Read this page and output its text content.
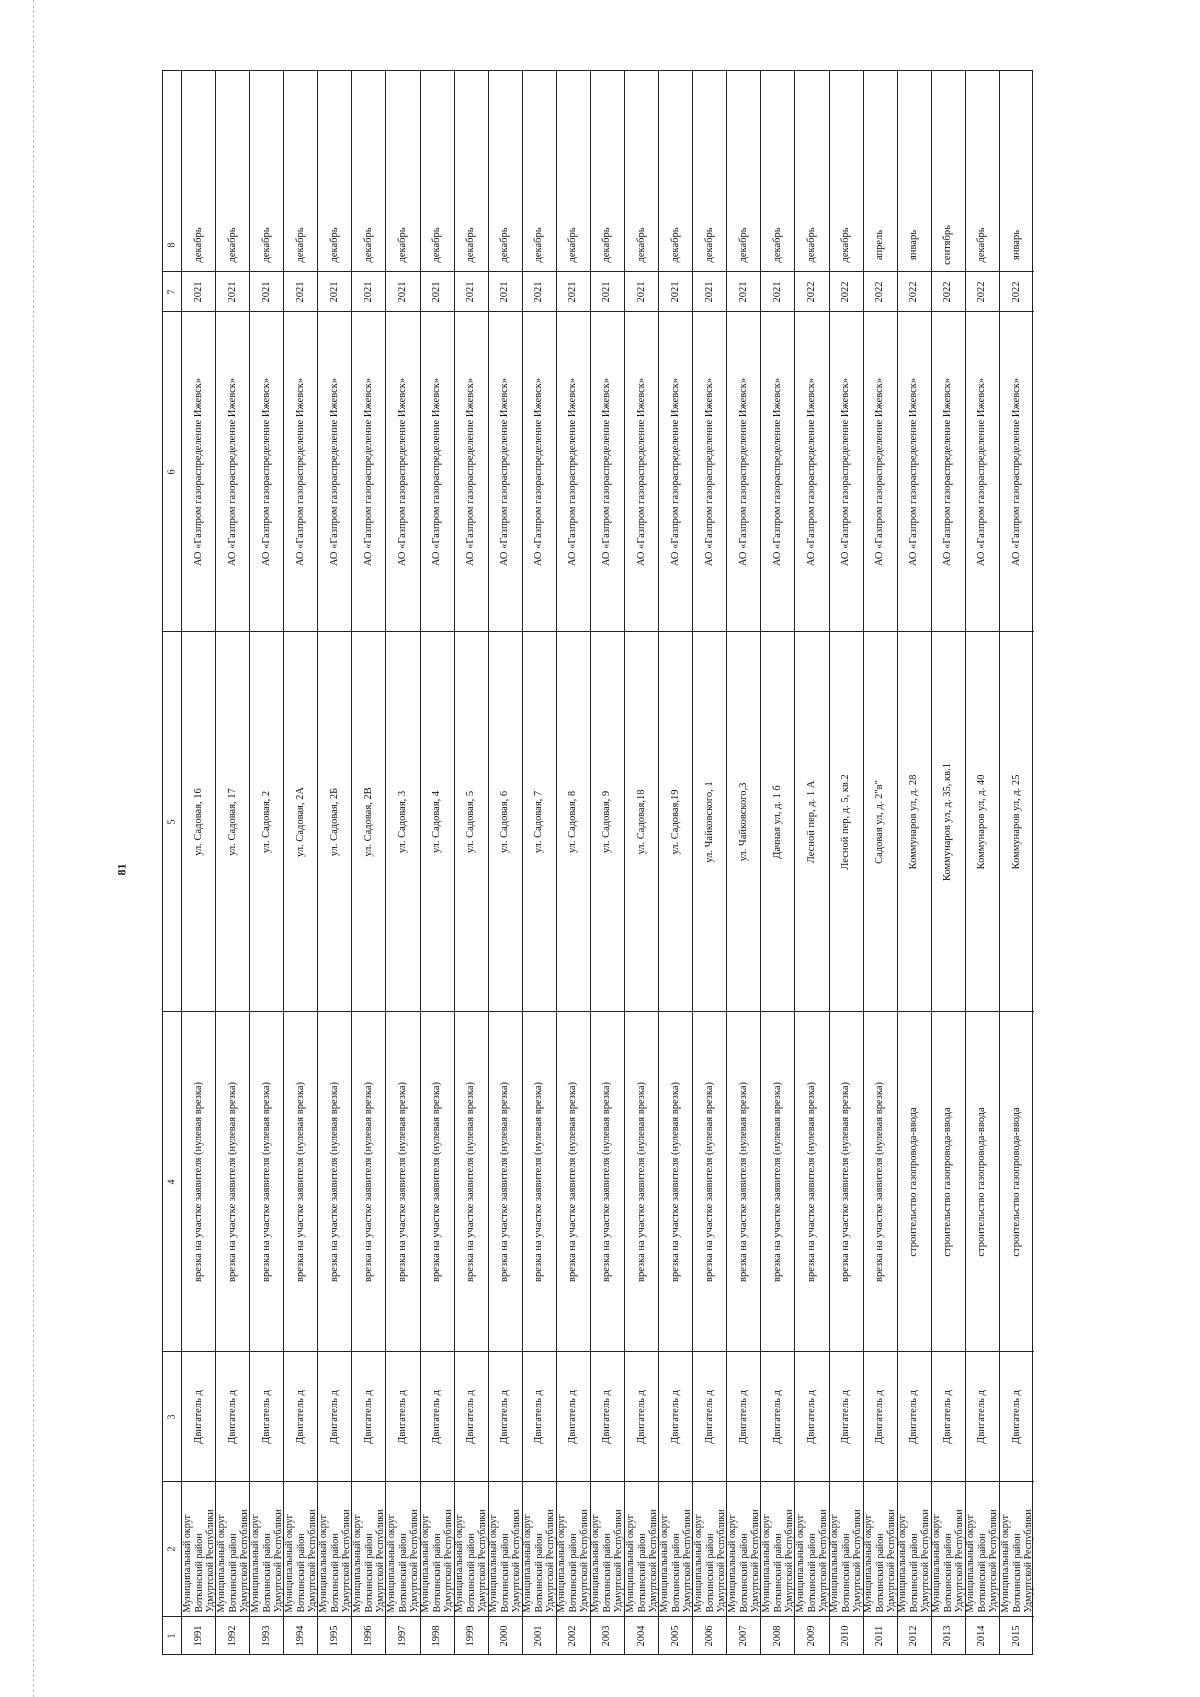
81
1
2
3
4
5
6
7
8
1991
Муниципальный округ Воткинский район Удмуртской Республики
Двигатель д
врезка на участке заявителя (нулевая врезка)
ул. Садовая, 16
АО «Газпром газораспределение Ижевск»
2021
декабрь
1992
Муниципальный округ Воткинский район Удмуртской Республики
Двигатель д
врезка на участке заявителя (нулевая врезка)
ул. Садовая, 17
АО «Газпром газораспределение Ижевск»
2021
декабрь
1993
Муниципальный округ Воткинский район Удмуртской Республики
Двигатель д
врезка на участке заявителя (нулевая врезка)
ул. Садовая, 2
АО «Газпром газораспределение Ижевск»
2021
декабрь
1994
Муниципальный округ Воткинский район Удмуртской Республики
Двигатель д
врезка на участке заявителя (нулевая врезка)
ул. Садовая, 2А
АО «Газпром газораспределение Ижевск»
2021
декабрь
1995
Муниципальный округ Воткинский район Удмуртской Республики
Двигатель д
врезка на участке заявителя (нулевая врезка)
ул. Садовая, 2Б
АО «Газпром газораспределение Ижевск»
2021
декабрь
1996
Муниципальный округ Воткинский район Удмуртской Республики
Двигатель д
врезка на участке заявителя (нулевая врезка)
ул. Садовая, 2В
АО «Газпром газораспределение Ижевск»
2021
декабрь
1997
Муниципальный округ Воткинский район Удмуртской Республики
Двигатель д
врезка на участке заявителя (нулевая врезка)
ул. Садовая, 3
АО «Газпром газораспределение Ижевск»
2021
декабрь
1998
Муниципальный округ Воткинский район Удмуртской Республики
Двигатель д
врезка на участке заявителя (нулевая врезка)
ул. Садовая, 4
АО «Газпром газораспределение Ижевск»
2021
декабрь
1999
Муниципальный округ Воткинский район Удмуртской Республики
Двигатель д
врезка на участке заявителя (нулевая врезка)
ул. Садовая, 5
АО «Газпром газораспределение Ижевск»
2021
декабрь
2000
Муниципальный округ Воткинский район Удмуртской Республики
Двигатель д
врезка на участке заявителя (нулевая врезка)
ул. Садовая, 6
АО «Газпром газораспределение Ижевск»
2021
декабрь
2001
Муниципальный округ Воткинский район Удмуртской Республики
Двигатель д
врезка на участке заявителя (нулевая врезка)
ул. Садовая, 7
АО «Газпром газораспределение Ижевск»
2021
декабрь
2002
Муниципальный округ Воткинский район Удмуртской Республики
Двигатель д
врезка на участке заявителя (нулевая врезка)
ул. Садовая, 8
АО «Газпром газораспределение Ижевск»
2021
декабрь
2003
Муниципальный округ Воткинский район Удмуртской Республики
Двигатель д
врезка на участке заявителя (нулевая врезка)
ул. Садовая, 9
АО «Газпром газораспределение Ижевск»
2021
декабрь
2004
Муниципальный округ Воткинский район Удмуртской Республики
Двигатель д
врезка на участке заявителя (нулевая врезка)
ул. Садовая,18
АО «Газпром газораспределение Ижевск»
2021
декабрь
2005
Муниципальный округ Воткинский район Удмуртской Республики
Двигатель д
врезка на участке заявителя (нулевая врезка)
ул. Садовая,19
АО «Газпром газораспределение Ижевск»
2021
декабрь
2006
Муниципальный округ Воткинский район Удмуртской Республики
Двигатель д
врезка на участке заявителя (нулевая врезка)
ул. Чайковского, 1
АО «Газпром газораспределение Ижевск»
2021
декабрь
2007
Муниципальный округ Воткинский район Удмуртской Республики
Двигатель д
врезка на участке заявителя (нулевая врезка)
ул. Чайковского,3
АО «Газпром газораспределение Ижевск»
2021
декабрь
2008
Муниципальный округ Воткинский район Удмуртской Республики
Двигатель д
врезка на участке заявителя (нулевая врезка)
Дачная ул, д. 1 б
АО «Газпром газораспределение Ижевск»
2021
декабрь
2009
Муниципальный округ Воткинский район Удмуртской Республики
Двигатель д
врезка на участке заявителя (нулевая врезка)
Лесной пер, д. 1 А
АО «Газпром газораспределение Ижевск»
2022
декабрь
2010
Муниципальный округ Воткинский район Удмуртской Республики
Двигатель д
врезка на участке заявителя (нулевая врезка)
Лесной пер, д. 5, кв.2
АО «Газпром газораспределение Ижевск»
2022
декабрь
2011
Муниципальный округ Воткинский район Удмуртской Республики
Двигатель д
врезка на участке заявителя (нулевая врезка)
Садовая ул, д. 2"в"
АО «Газпром газораспределение Ижевск»
2022
апрель
2012
Муниципальный округ Воткинский район Удмуртской Республики
Двигатель д
строительство газопровода-ввода
Коммунаров ул, д. 28
АО «Газпром газораспределение Ижевск»
2022
январь
2013
Муниципальный округ Воткинский район Удмуртской Республики
Двигатель д
строительство газопровода-ввода
Коммунаров ул, д. 35, кв.1
АО «Газпром газораспределение Ижевск»
2022
сентябрь
2014
Муниципальный округ Воткинский район Удмуртской Республики
Двигатель д
строительство газопровода-ввода
Коммунаров ул, д. 40
АО «Газпром газораспределение Ижевск»
2022
декабрь
2015
Муниципальный округ Воткинский район Удмуртской Республики
Двигатель д
строительство газопровода-ввода
Коммунаров ул, д. 25
АО «Газпром газораспределение Ижевск»
2022
январь
